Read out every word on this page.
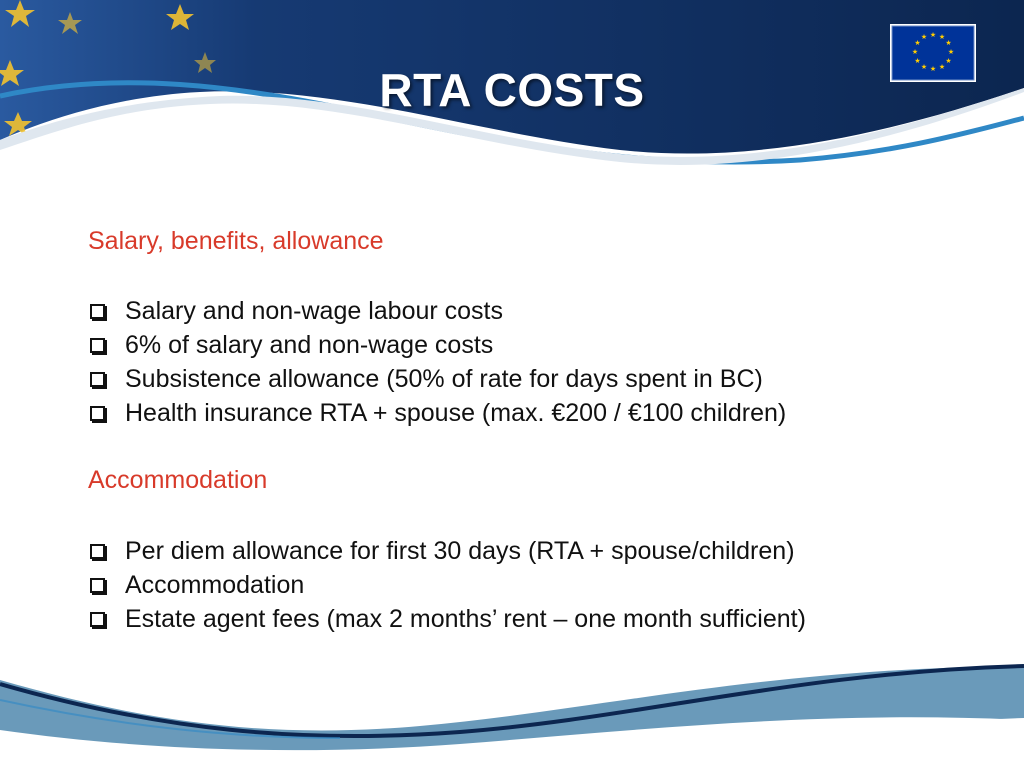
★ ★
★
★
★
★
★
★
★
★
★
★
RTA COSTS
Salary, benefits, allowance
Salary and non-wage labour costs
6% of salary and non-wage costs
Subsistence allowance (50% of rate for days spent in BC)
Health insurance RTA + spouse (max. €200 / €100 children)
Accommodation
Per diem allowance for first 30 days (RTA + spouse/children)
Accommodation
Estate agent fees (max 2 months’ rent – one month sufficient)
